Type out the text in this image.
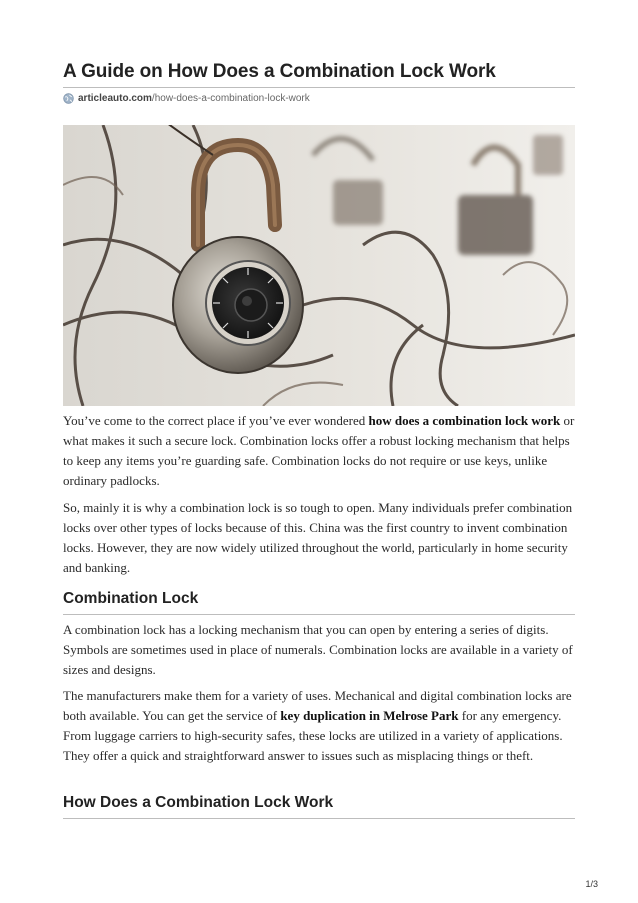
A Guide on How Does a Combination Lock Work
articleauto.com /how-does-a-combination-lock-work

You’ve come to the correct place if you’ve ever wondered how does a combination lock work or what makes it such a secure lock. Combination locks offer a robust locking mechanism that helps to keep any items you’re guarding safe. Combination locks do not require or use keys, unlike ordinary padlocks.

So, mainly it is why a combination lock is so tough to open. Many individuals prefer combination locks over other types of locks because of this. China was the first country to invent combination locks. However, they are now widely utilized throughout the world, particularly in home security and banking.

Combination Lock

A combination lock has a locking mechanism that you can open by entering a series of digits. Symbols are sometimes used in place of numerals. Combination locks are available in a variety of sizes and designs.

The manufacturers make them for a variety of uses. Mechanical and digital combination locks are both available. You can get the service of key duplication in Melrose Park for any emergency. From luggage carriers to high-security safes, these locks are utilized in a variety of applications. They offer a quick and straightforward answer to issues such as misplacing things or theft.

How Does a Combination Lock Work
1/3
